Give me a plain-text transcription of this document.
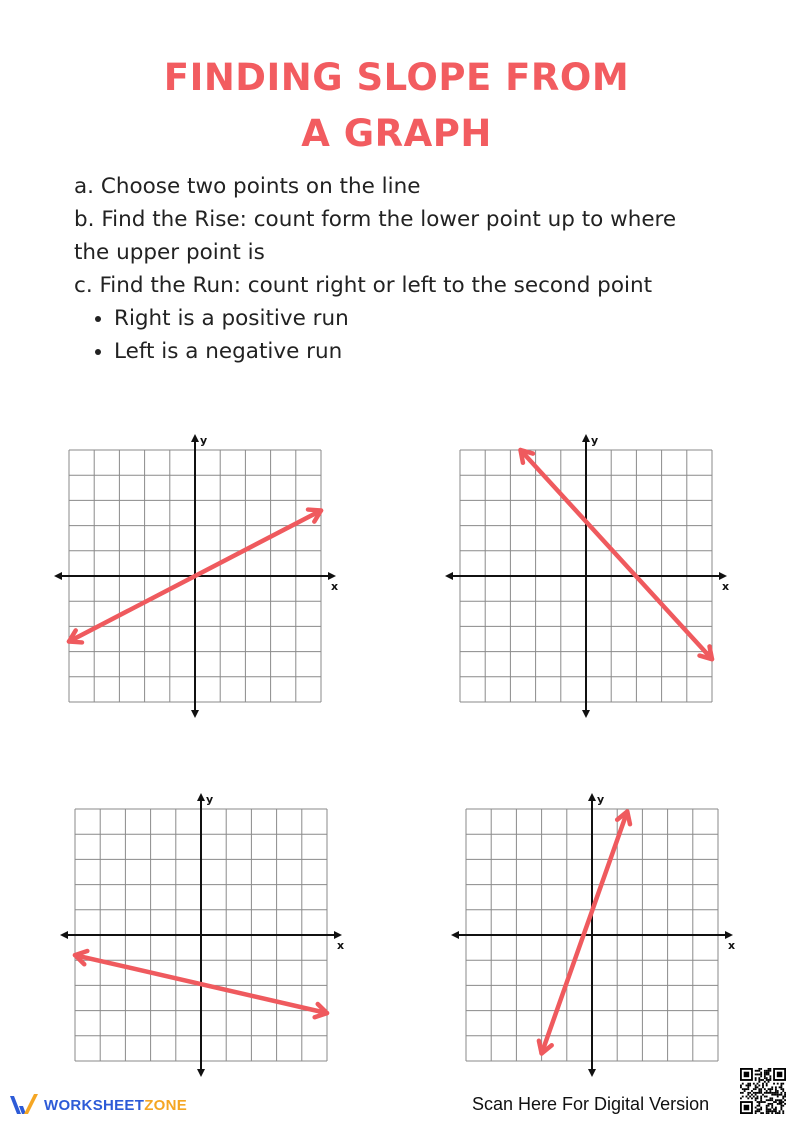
FINDING SLOPE FROM
A GRAPH
a. Choose two points on the line
b. Find the Rise: count form the lower point up to where
the upper point is
c. Find the Run: count right or left to the second point
• Right is a positive run
• Left is a negative run
x
y
x
y
x
y
x
y
WORKSHEETZONE	Scan Here For Digital Version
